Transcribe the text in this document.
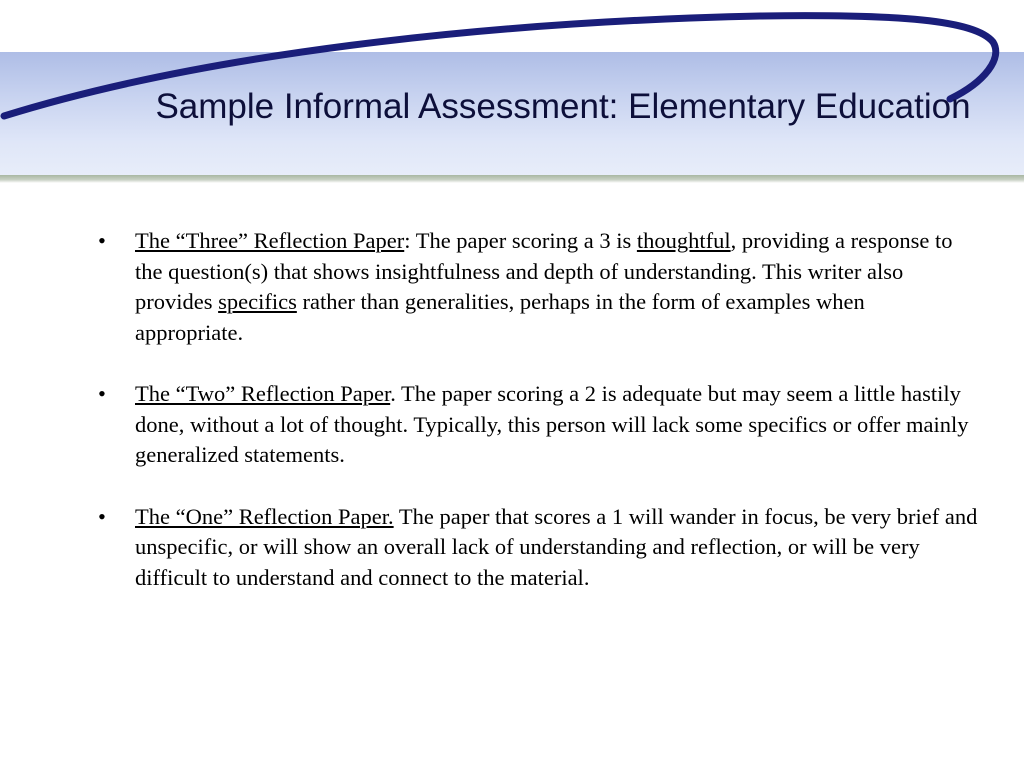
Sample Informal Assessment: Elementary Education
• The “Three” Reflection Paper: The paper scoring a 3 is thoughtful, providing a response to the question(s) that shows insightfulness and depth of understanding. This writer also provides specifics rather than generalities, perhaps in the form of examples when appropriate.
• The “Two” Reflection Paper. The paper scoring a 2 is adequate but may seem a little hastily done, without a lot of thought. Typically, this person will lack some specifics or offer mainly generalized statements.
• The “One” Reflection Paper. The paper that scores a 1 will wander in focus, be very brief and unspecific, or will show an overall lack of understanding and reflection, or will be very difficult to understand and connect to the material.
